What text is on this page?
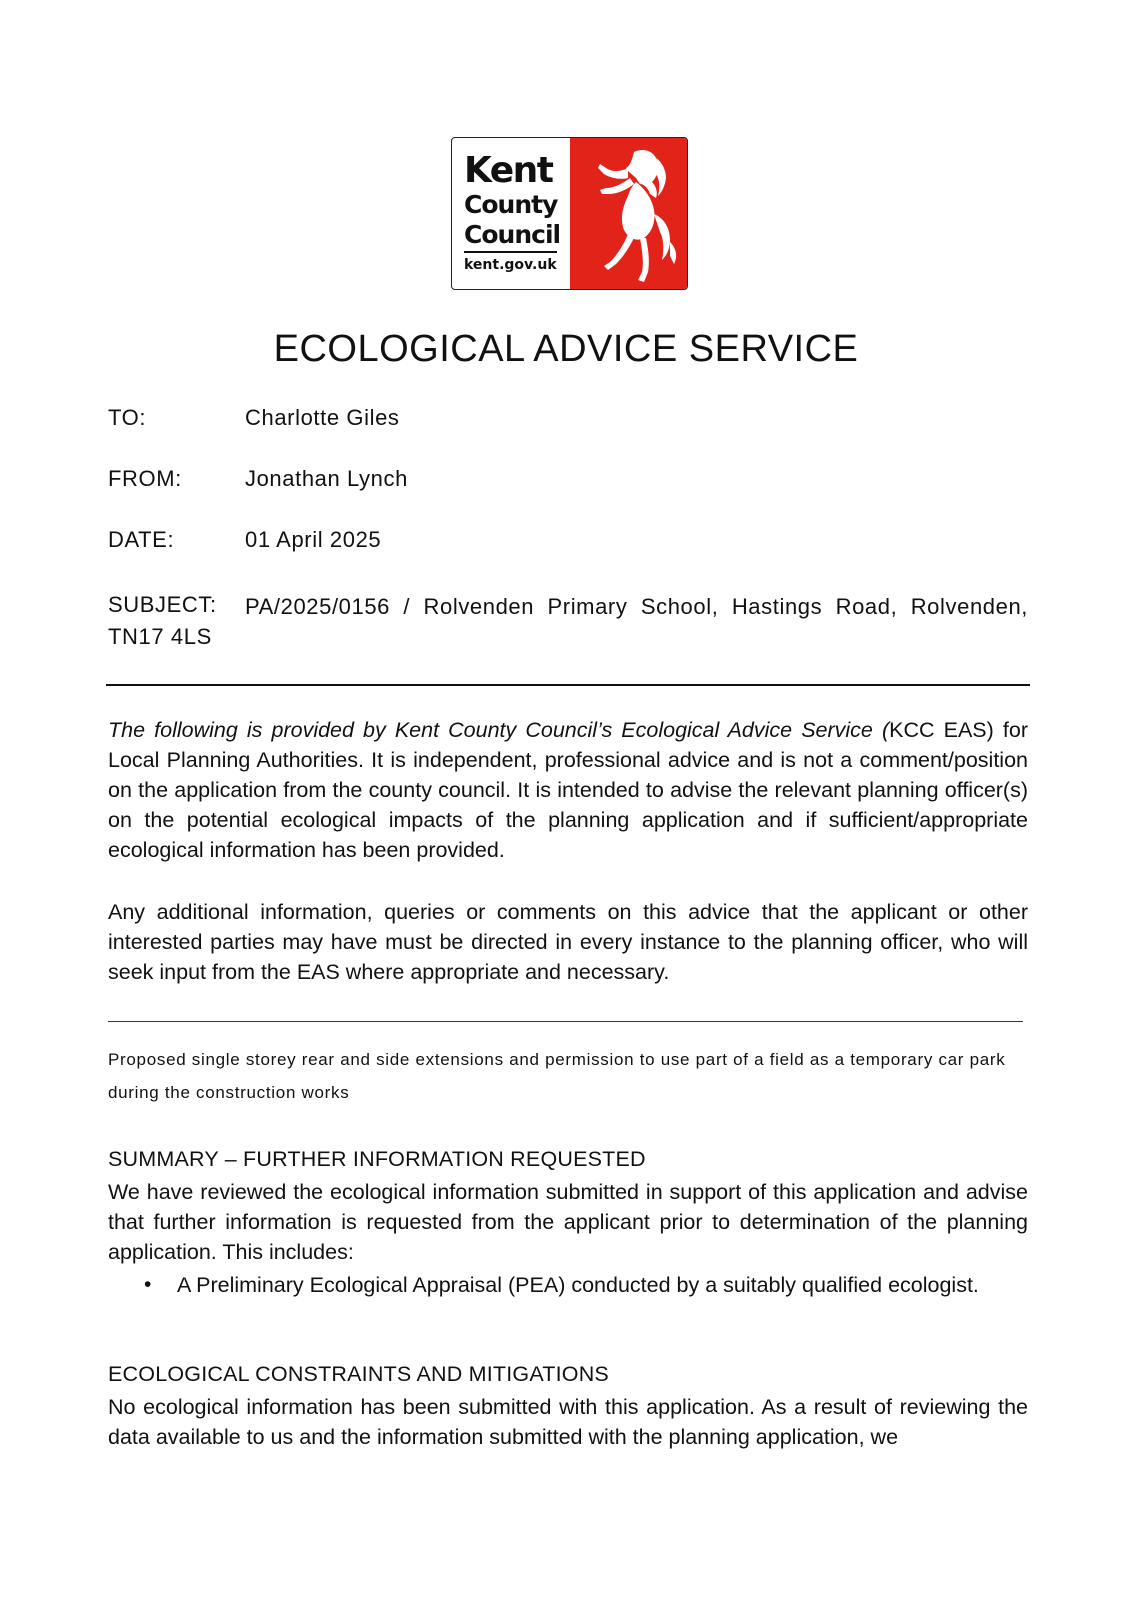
Kent
County
Council
kent.gov.uk
ECOLOGICAL ADVICE SERVICE
TO:	Charlotte Giles
FROM:	Jonathan Lynch
DATE:	01 April 2025
SUBJECT:	PA/2025/0156 / Rolvenden Primary School, Hastings Road, Rolvenden, TN17 4LS
The following is provided by Kent County Council’s Ecological Advice Service (KCC EAS) for Local Planning Authorities. It is independent, professional advice and is not a comment/position on the application from the county council. It is intended to advise the relevant planning officer(s) on the potential ecological impacts of the planning application and if sufficient/appropriate ecological information has been provided.
Any additional information, queries or comments on this advice that the applicant or other interested parties may have must be directed in every instance to the planning officer, who will seek input from the EAS where appropriate and necessary.
Proposed single storey rear and side extensions and permission to use part of a field as a temporary car park during the construction works
SUMMARY – FURTHER INFORMATION REQUESTED
We have reviewed the ecological information submitted in support of this application and advise that further information is requested from the applicant prior to determination of the planning application. This includes:
• A Preliminary Ecological Appraisal (PEA) conducted by a suitably qualified ecologist.
ECOLOGICAL CONSTRAINTS AND MITIGATIONS
No ecological information has been submitted with this application. As a result of reviewing the data available to us and the information submitted with the planning application, we
